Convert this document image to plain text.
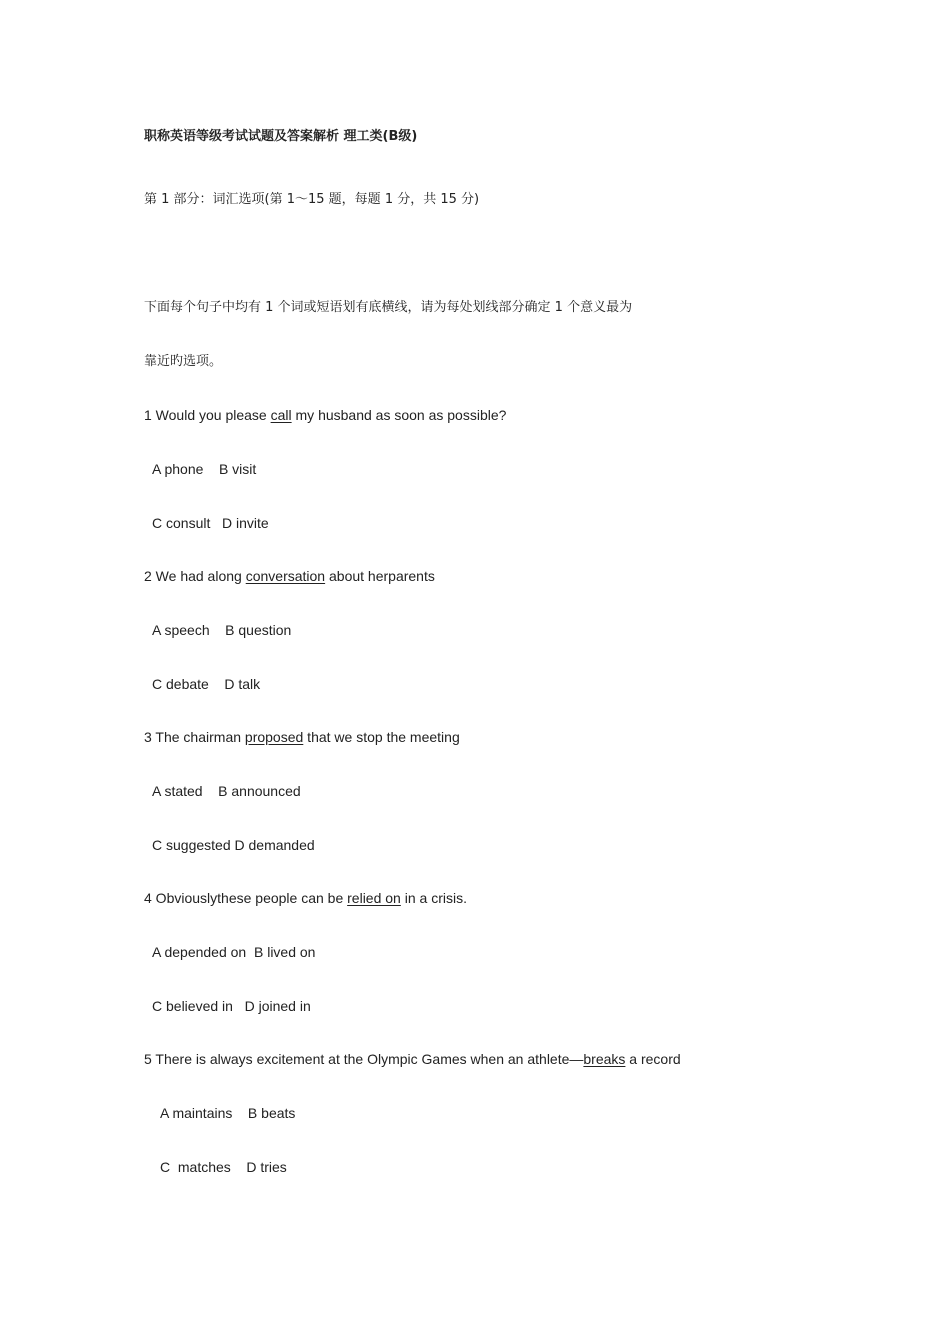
职称英语等级考试试题及答案解析 理工类(B级)
第 1 部分：词汇选项(第 1～15 题，每题 1 分，共 15 分)
下面每个句子中均有 1 个词或短语划有底横线，请为每处划线部分确定 1 个意义最为
靠近旳选项。
1 Would you please call my husband as soon as possible?
A phone    B visit
C consult   D invite
2 We had along conversation about herparents
A speech    B question
C debate    D talk
3 The chairman proposed that we stop the meeting
A stated    B announced
C suggested D demanded
4 Obviouslythese people can be relied on in a crisis.
A depended on  B lived on
C believed in   D joined in
5 There is always excitement at the Olympic Games when an athlete—breaks a record
A maintains    B beats
C  matches    D tries
